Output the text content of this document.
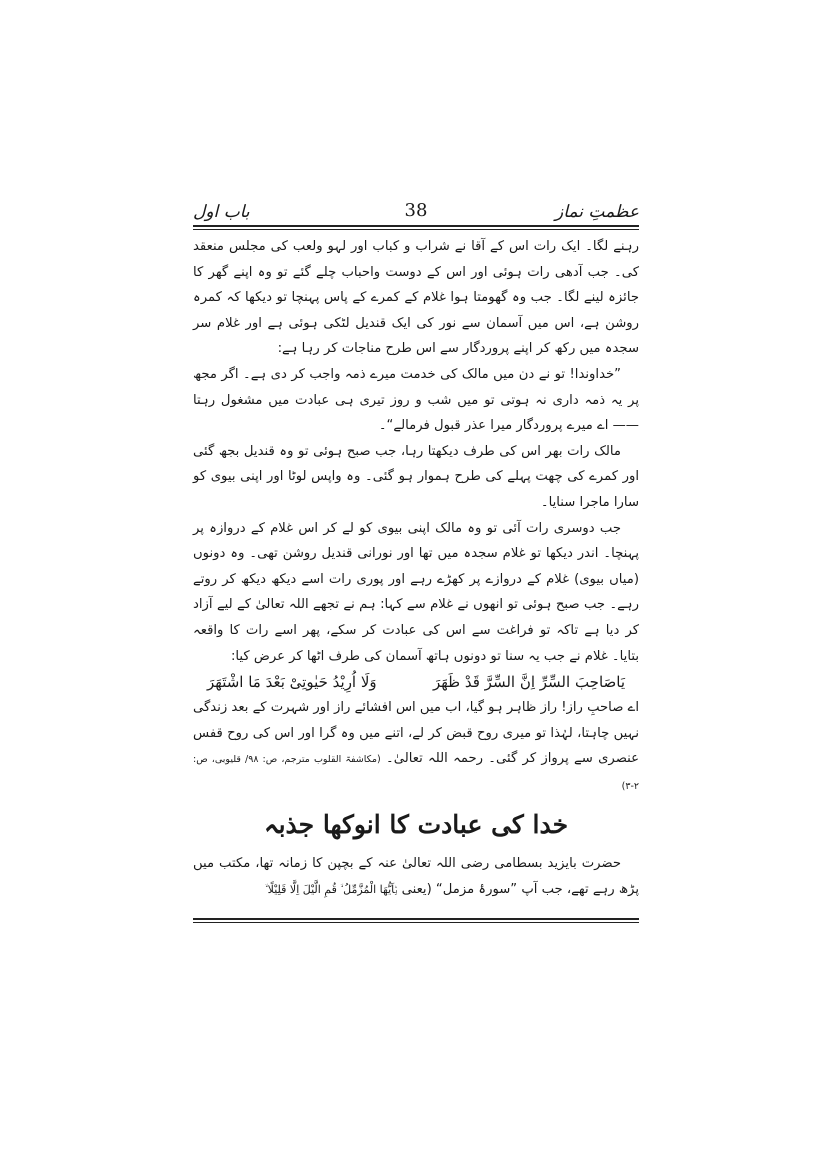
عظمتِ نماز
38
باب اول

رہنے لگا۔ ایک رات اس کے آقا نے شراب و کباب اور لہو ولعب کی مجلس منعقد کی۔ جب آدھی رات ہوئی اور اس کے دوست واحباب چلے گئے تو وہ اپنے گھر کا جائزہ لینے لگا۔ جب وہ گھومتا ہوا غلام کے کمرے کے پاس پہنچا تو دیکھا کہ کمرہ روشن ہے، اس میں آسمان سے نور کی ایک قندیل لٹکی ہوئی ہے اور غلام سر سجدہ میں رکھ کر اپنے پروردگار سے اس طرح مناجات کر رہا ہے:

”خداوندا! تو نے دن میں مالک کی خدمت میرے ذمہ واجب کر دی ہے۔ اگر مجھ پر یہ ذمہ داری نہ ہوتی تو میں شب و روز تیری ہی عبادت میں مشغول رہتا —— اے میرے پروردگار میرا عذر قبول فرمالے“۔

مالک رات بھر اس کی طرف دیکھتا رہا، جب صبح ہوئی تو وہ قندیل بجھ گئی اور کمرے کی چھت پہلے کی طرح ہموار ہو گئی۔ وہ واپس لوٹا اور اپنی بیوی کو سارا ماجرا سنایا۔

جب دوسری رات آئی تو وہ مالک اپنی بیوی کو لے کر اس غلام کے دروازہ پر پہنچا۔ اندر دیکھا تو غلام سجدہ میں تھا اور نورانی قندیل روشن تھی۔ وہ دونوں (میاں بیوی) غلام کے دروازے پر کھڑے رہے اور پوری رات اسے دیکھ دیکھ کر روتے رہے۔ جب صبح ہوئی تو انھوں نے غلام سے کہا: ہم نے تجھے اللہ تعالیٰ کے لیے آزاد کر دیا ہے تاکہ تو فراغت سے اس کی عبادت کر سکے، پھر اسے رات کا واقعہ بتایا۔ غلام نے جب یہ سنا تو دونوں ہاتھ آسمان کی طرف اٹھا کر عرض کیا:

یَاصَاحِبَ السِّرِّ اِنَّ السِّرَّ قَدْ ظَهَرَ
وَلَا اُرِیْدُ حَیٰوتِیْ بَعْدَ مَا اشْتَهَرَ

اے صاحبِ راز! راز ظاہر ہو گیا، اب میں اس افشائے راز اور شہرت کے بعد زندگی نہیں چاہتا، لہٰذا تو میری روح قبض کر لے، اتنے میں وہ گرا اور اس کی روح قفس عنصری سے پرواز کر گئی۔ رحمہ اللہ تعالیٰ۔ (مکاشفۃ القلوب مترجم، ص: ۹۸/ قلیوبی، ص: ۲-۳)

خدا کی عبادت کا انوکھا جذبہ

حضرت بایزید بسطامی رضی اللہ تعالیٰ عنہ کے بچپن کا زمانہ تھا، مکتب میں پڑھ رہے تھے، جب آپ ”سورۂ مزمل“ (یعنی یٰۤاَیُّهَا الْمُزَّمِّلُ ۙ قُمِ الَّیْلَ اِلَّا قَلِیْلًا ۙ
